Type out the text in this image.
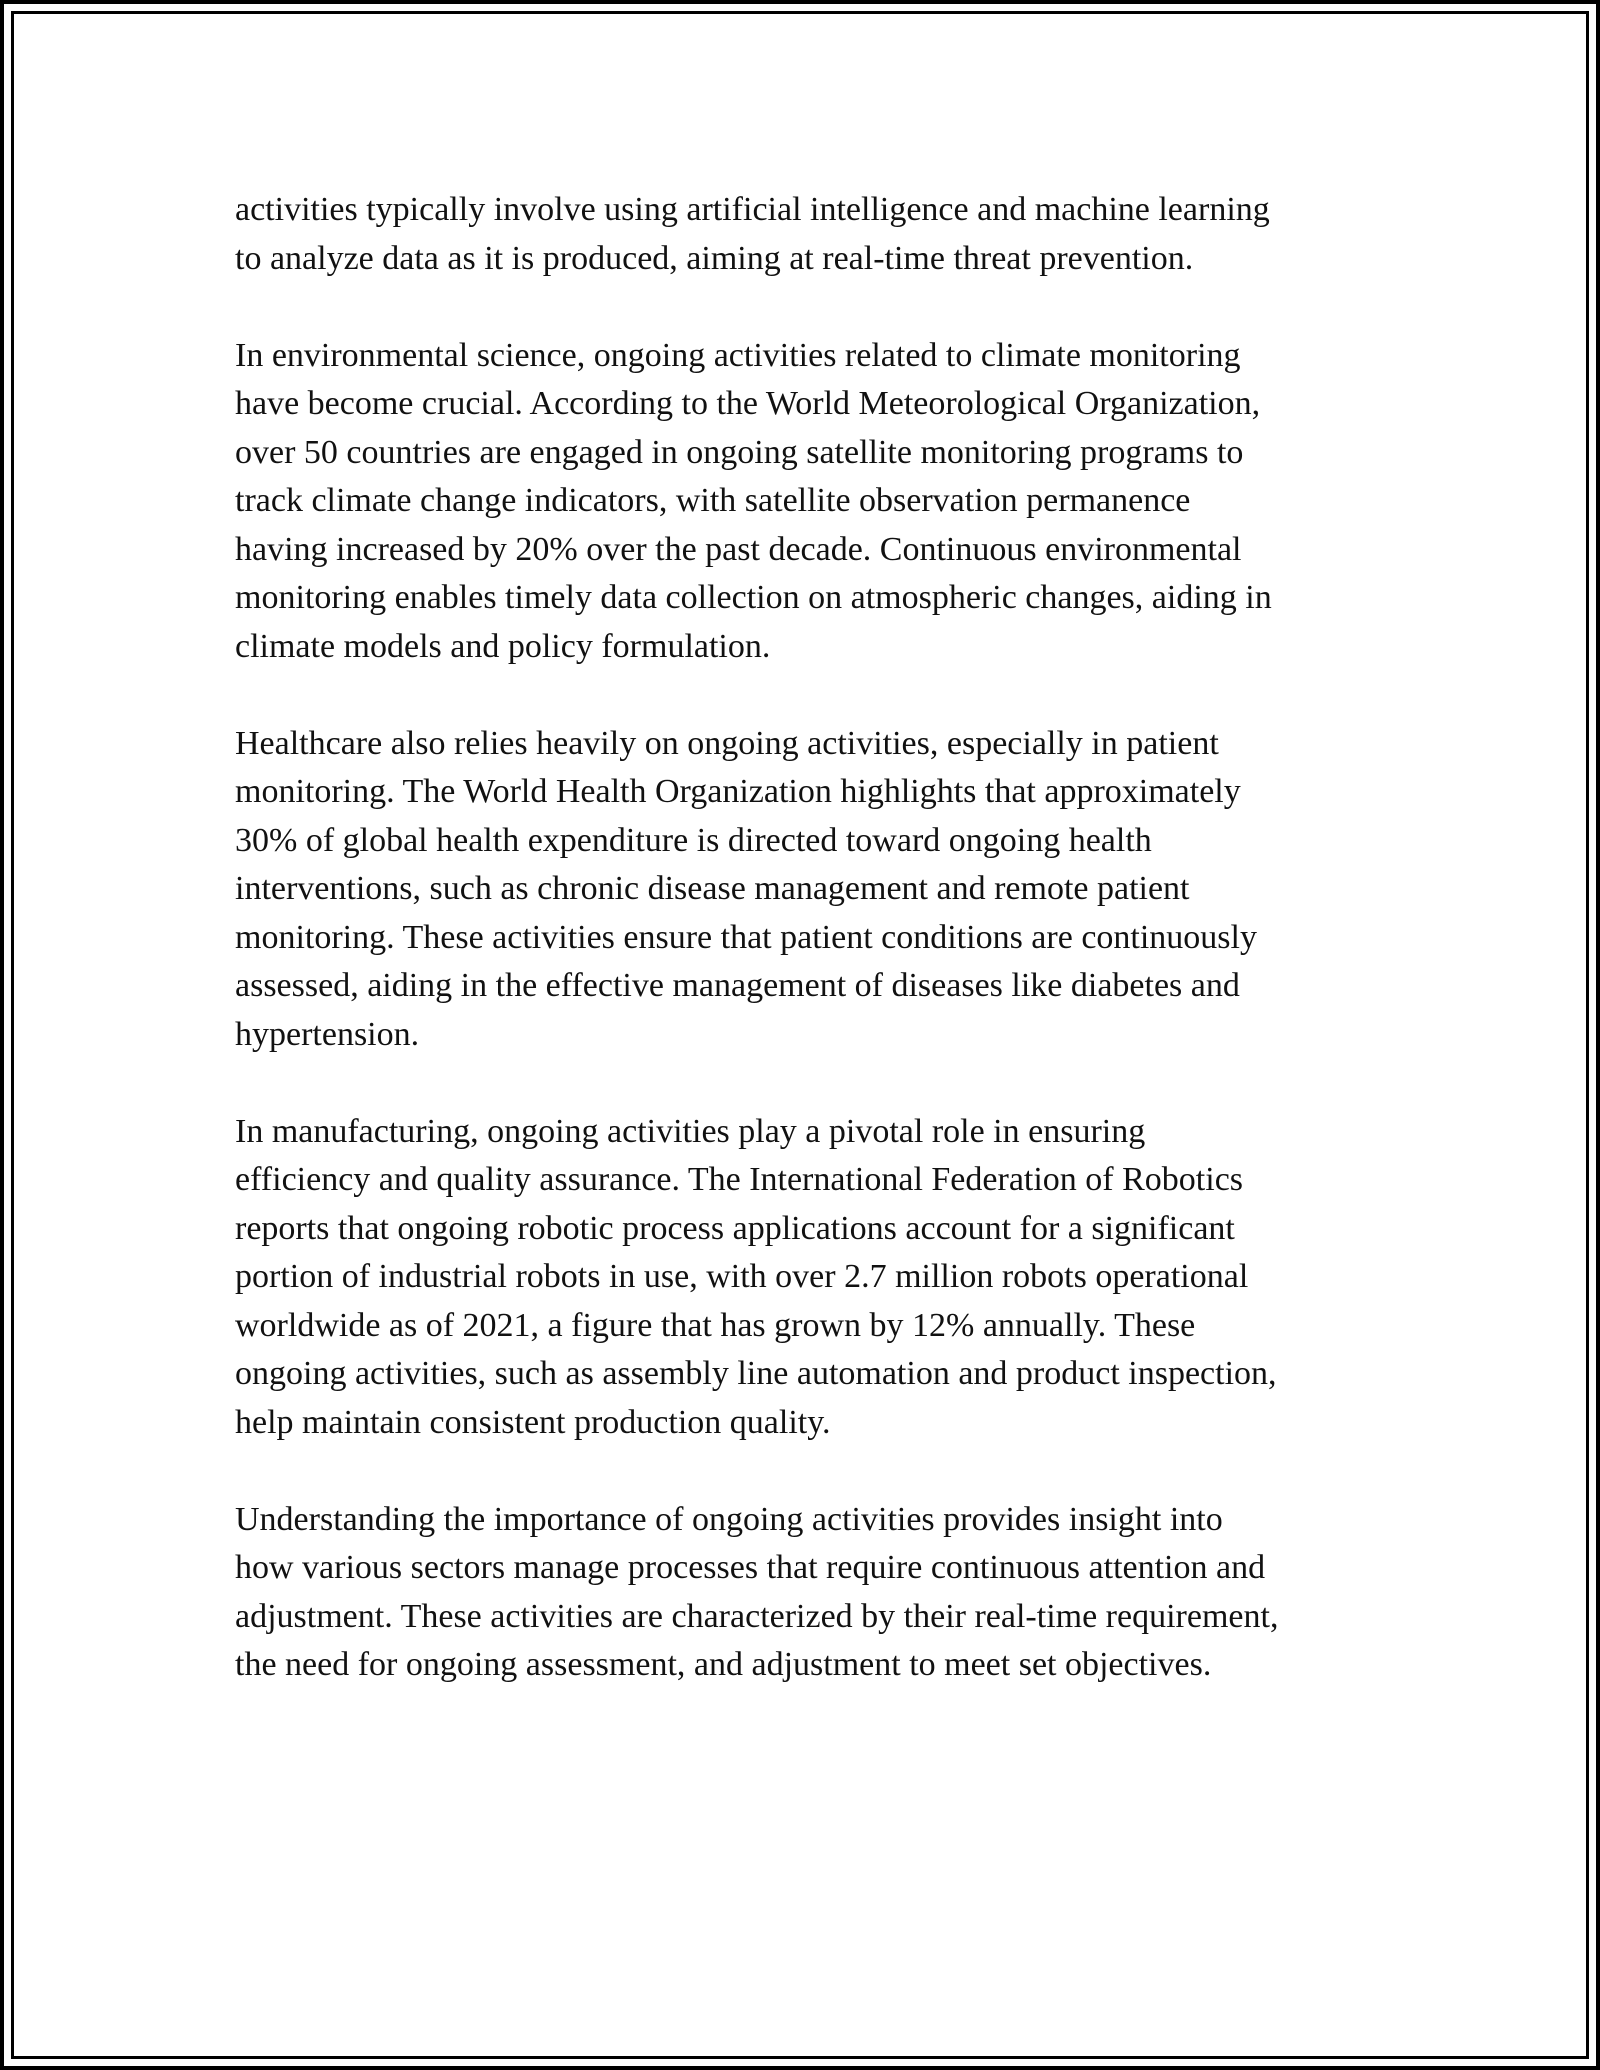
activities typically involve using artificial intelligence and machine learning
to analyze data as it is produced, aiming at real-time threat prevention.

In environmental science, ongoing activities related to climate monitoring
have become crucial. According to the World Meteorological Organization,
over 50 countries are engaged in ongoing satellite monitoring programs to
track climate change indicators, with satellite observation permanence
having increased by 20% over the past decade. Continuous environmental
monitoring enables timely data collection on atmospheric changes, aiding in
climate models and policy formulation.

Healthcare also relies heavily on ongoing activities, especially in patient
monitoring. The World Health Organization highlights that approximately
30% of global health expenditure is directed toward ongoing health
interventions, such as chronic disease management and remote patient
monitoring. These activities ensure that patient conditions are continuously
assessed, aiding in the effective management of diseases like diabetes and
hypertension.

In manufacturing, ongoing activities play a pivotal role in ensuring
efficiency and quality assurance. The International Federation of Robotics
reports that ongoing robotic process applications account for a significant
portion of industrial robots in use, with over 2.7 million robots operational
worldwide as of 2021, a figure that has grown by 12% annually. These
ongoing activities, such as assembly line automation and product inspection,
help maintain consistent production quality.

Understanding the importance of ongoing activities provides insight into
how various sectors manage processes that require continuous attention and
adjustment. These activities are characterized by their real-time requirement,
the need for ongoing assessment, and adjustment to meet set objectives.
